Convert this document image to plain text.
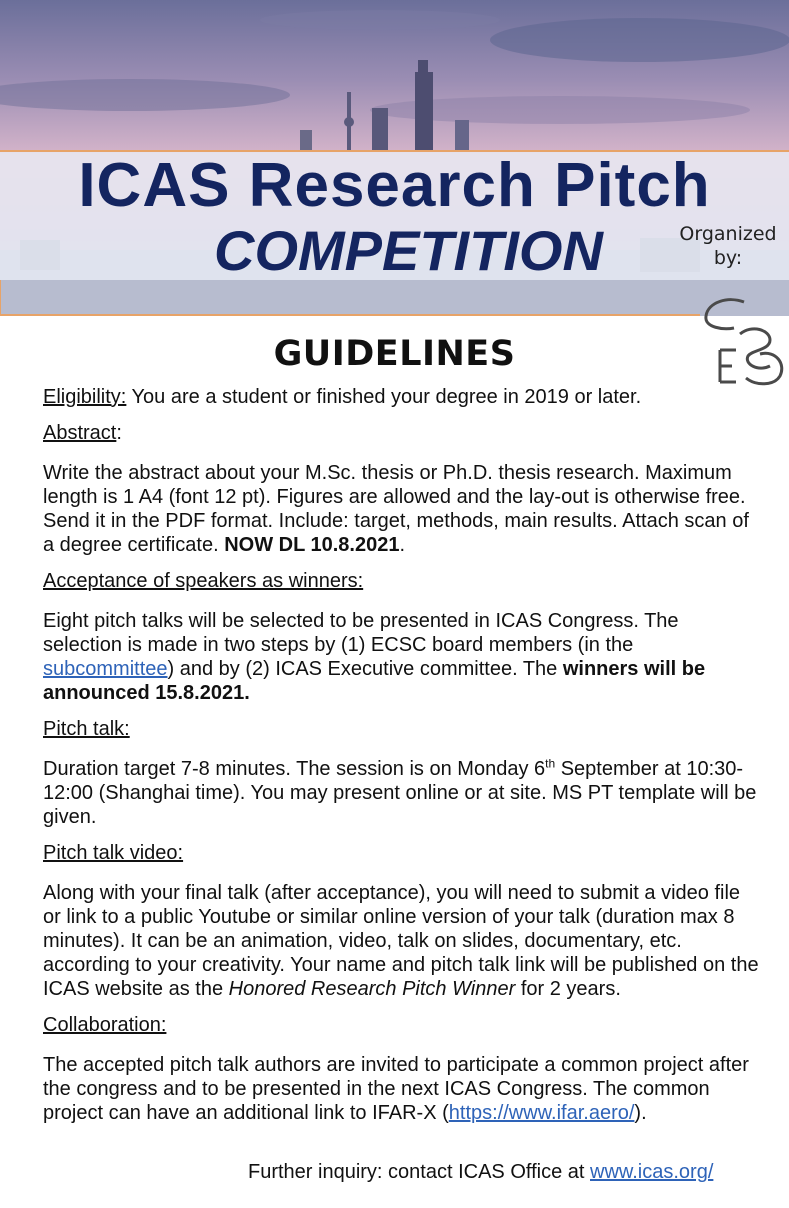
ICAS Research Pitch
COMPETITION	Organized
by:
GUIDELINES

Eligibility: You are a student or finished your degree in 2019 or later.

Abstract:

Write the abstract about your M.Sc. thesis or Ph.D. thesis research. Maximum length is 1 A4 (font 12 pt). Figures are allowed and the lay-out is otherwise free. Send it in the PDF format. Include: target, methods, main results. Attach scan of a degree certificate. NOW DL 10.8.2021.

Acceptance of speakers as winners:

Eight pitch talks will be selected to be presented in ICAS Congress. The selection is made in two steps by (1) ECSC board members (in the subcommittee) and by (2) ICAS Executive committee. The winners will be announced 15.8.2021.

Pitch talk:

Duration target 7-8 minutes. The session is on Monday 6th September at 10:30-12:00 (Shanghai time). You may present online or at site. MS PT template will be given.

Pitch talk video:

Along with your final talk (after acceptance), you will need to submit a video file or link to a public Youtube or similar online version of your talk (duration max 8 minutes). It can be an animation, video, talk on slides, documentary, etc. according to your creativity. Your name and pitch talk link will be published on the ICAS website as the Honored Research Pitch Winner for 2 years.

Collaboration:

The accepted pitch talk authors are invited to participate a common project after the congress and to be presented in the next ICAS Congress. The common project can have an additional link to IFAR-X (https://www.ifar.aero/).

Further inquiry: contact ICAS Office at www.icas.org/
